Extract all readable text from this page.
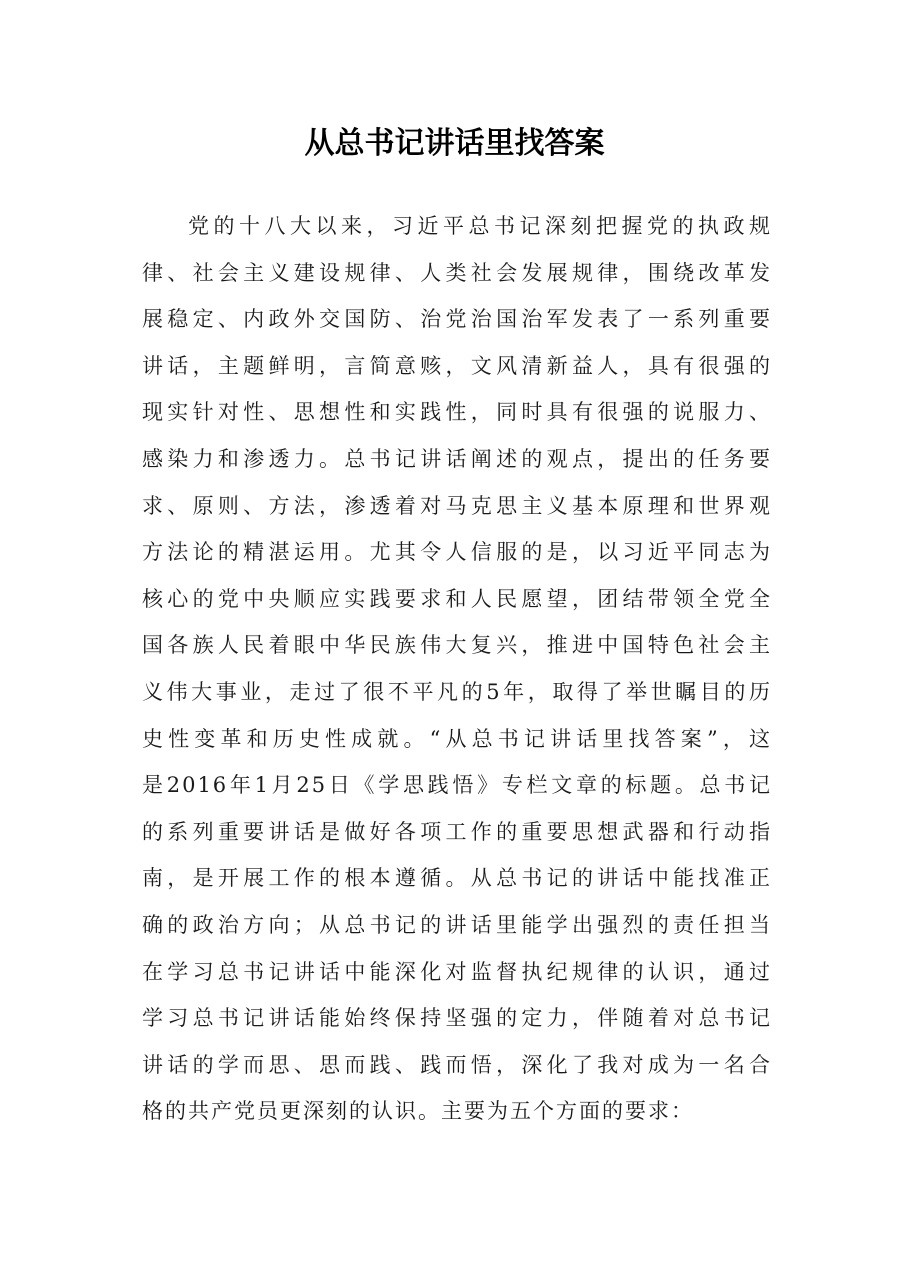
从总书记讲话里找答案
党的十八大以来，习近平总书记深刻把握党的执政规
律、社会主义建设规律、人类社会发展规律，围绕改革发
展稳定、内政外交国防、治党治国治军发表了一系列重要
讲话，主题鲜明，言简意赅，文风清新益人，具有很强的
现实针对性、思想性和实践性，同时具有很强的说服力、
感染力和渗透力。总书记讲话阐述的观点，提出的任务要
求、原则、方法，渗透着对马克思主义基本原理和世界观
方法论的精湛运用。尤其令人信服的是，以习近平同志为
核心的党中央顺应实践要求和人民愿望，团结带领全党全
国各族人民着眼中华民族伟大复兴，推进中国特色社会主
义伟大事业，走过了很不平凡的5年，取得了举世瞩目的历
史性变革和历史性成就。“从总书记讲话里找答案”，这
是2016年1月25日《学思践悟》专栏文章的标题。总书记
的系列重要讲话是做好各项工作的重要思想武器和行动指
南，是开展工作的根本遵循。从总书记的讲话中能找准正
确的政治方向；从总书记的讲话里能学出强烈的责任担当
在学习总书记讲话中能深化对监督执纪规律的认识，通过
学习总书记讲话能始终保持坚强的定力，伴随着对总书记
讲话的学而思、思而践、践而悟，深化了我对成为一名合
格的共产党员更深刻的认识。主要为五个方面的要求：
